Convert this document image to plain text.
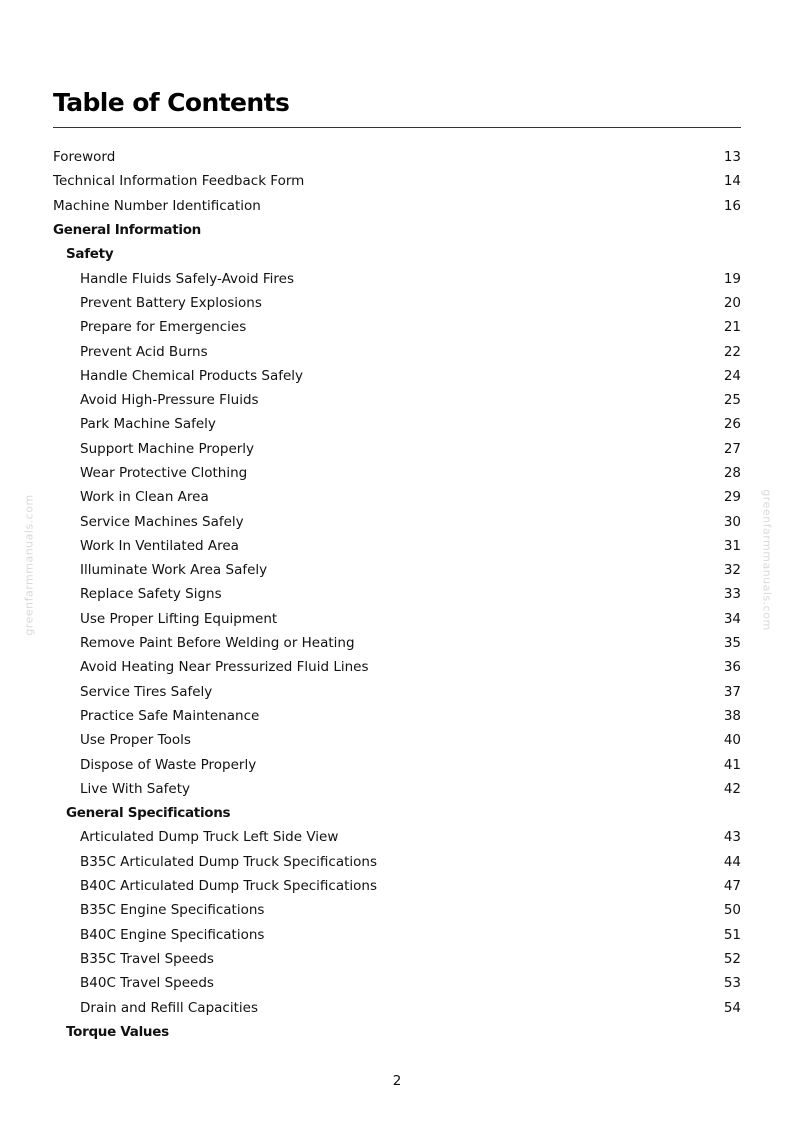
Table of Contents
Foreword	13
Technical Information Feedback Form	14
Machine Number Identification	16
General Information
Safety
Handle Fluids Safely-Avoid Fires	19
Prevent Battery Explosions	20
Prepare for Emergencies	21
Prevent Acid Burns	22
Handle Chemical Products Safely	24
Avoid High-Pressure Fluids	25
Park Machine Safely	26
Support Machine Properly	27
Wear Protective Clothing	28
Work in Clean Area	29
Service Machines Safely	30
Work In Ventilated Area	31
Illuminate Work Area Safely	32
Replace Safety Signs	33
Use Proper Lifting Equipment	34
Remove Paint Before Welding or Heating	35
Avoid Heating Near Pressurized Fluid Lines	36
Service Tires Safely	37
Practice Safe Maintenance	38
Use Proper Tools	40
Dispose of Waste Properly	41
Live With Safety	42
General Specifications
Articulated Dump Truck Left Side View	43
B35C Articulated Dump Truck Specifications	44
B40C Articulated Dump Truck Specifications	47
B35C Engine Specifications	50
B40C Engine Specifications	51
B35C Travel Speeds	52
B40C Travel Speeds	53
Drain and Refill Capacities	54
Torque Values
greenfarmmanuals.com	greenfarmmanuals.com
2
